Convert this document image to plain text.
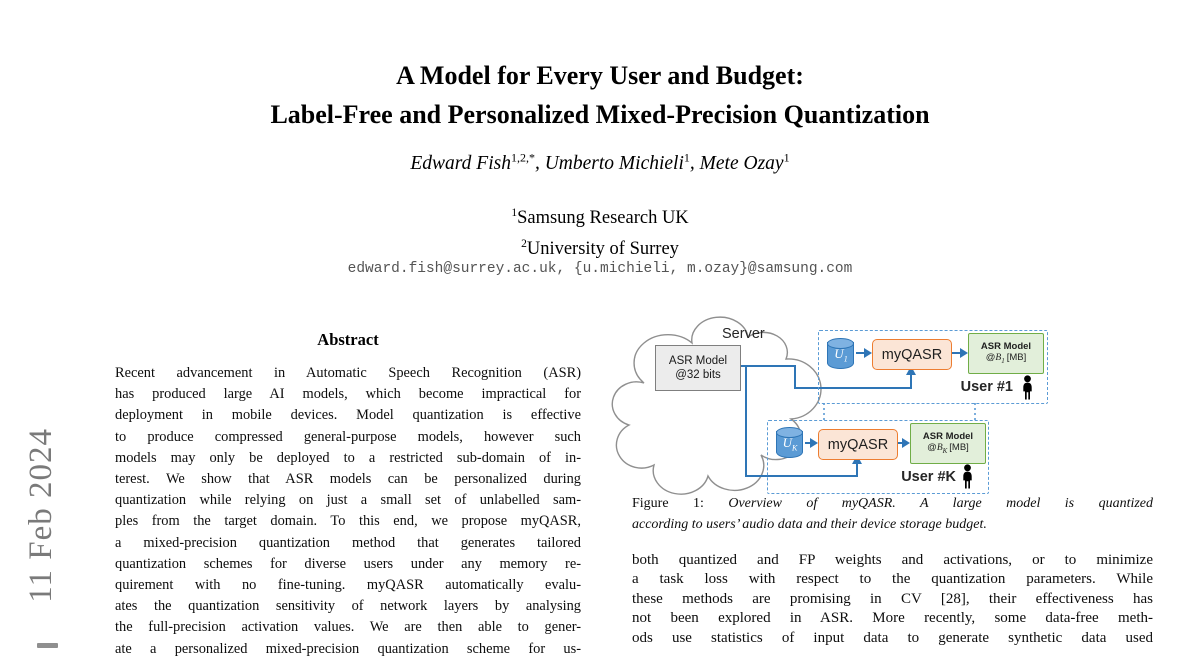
11 Feb 2024
A Model for Every User and Budget:
Label-Free and Personalized Mixed-Precision Quantization
Edward Fish$^{1,2,*}$, Umberto Michieli$^1$, Mete Ozay$^1$
$^1$Samsung Research UK
$^2$University of Surrey
edward.fish@surrey.ac.uk, {u.michieli, m.ozay}@samsung.com
Abstract
Recent advancement in Automatic Speech Recognition (ASR)
has produced large AI models, which become impractical for
deployment in mobile devices. Model quantization is effective
to produce compressed general-purpose models, however such
models may only be deployed to a restricted sub-domain of in-
terest. We show that ASR models can be personalized during
quantization while relying on just a small set of unlabelled sam-
ples from the target domain. To this end, we propose myQASR,
a mixed-precision quantization method that generates tailored
quantization schemes for diverse users under any memory re-
quirement with no fine-tuning. myQASR automatically evalu-
ates the quantization sensitivity of network layers by analysing
the full-precision activation values. We are then able to gener-
ate a personalized mixed-precision quantization scheme for us-
Server
ASR Model
@32 bits
$U_1$	myQASR
ASR Model
$@B_1$ [MB]
User #1
$U_K$	myQASR
ASR Model
$@B_K$ [MB]
User #K
Figure 1: Overview of myQASR. A large model is quantized
according to users’ audio data and their device storage budget.
both quantized and FP weights and activations, or to minimize
a task loss with respect to the quantization parameters. While
these methods are promising in CV [28], their effectiveness has
not been explored in ASR. More recently, some data-free meth-
ods use statistics of input data to generate synthetic data used
